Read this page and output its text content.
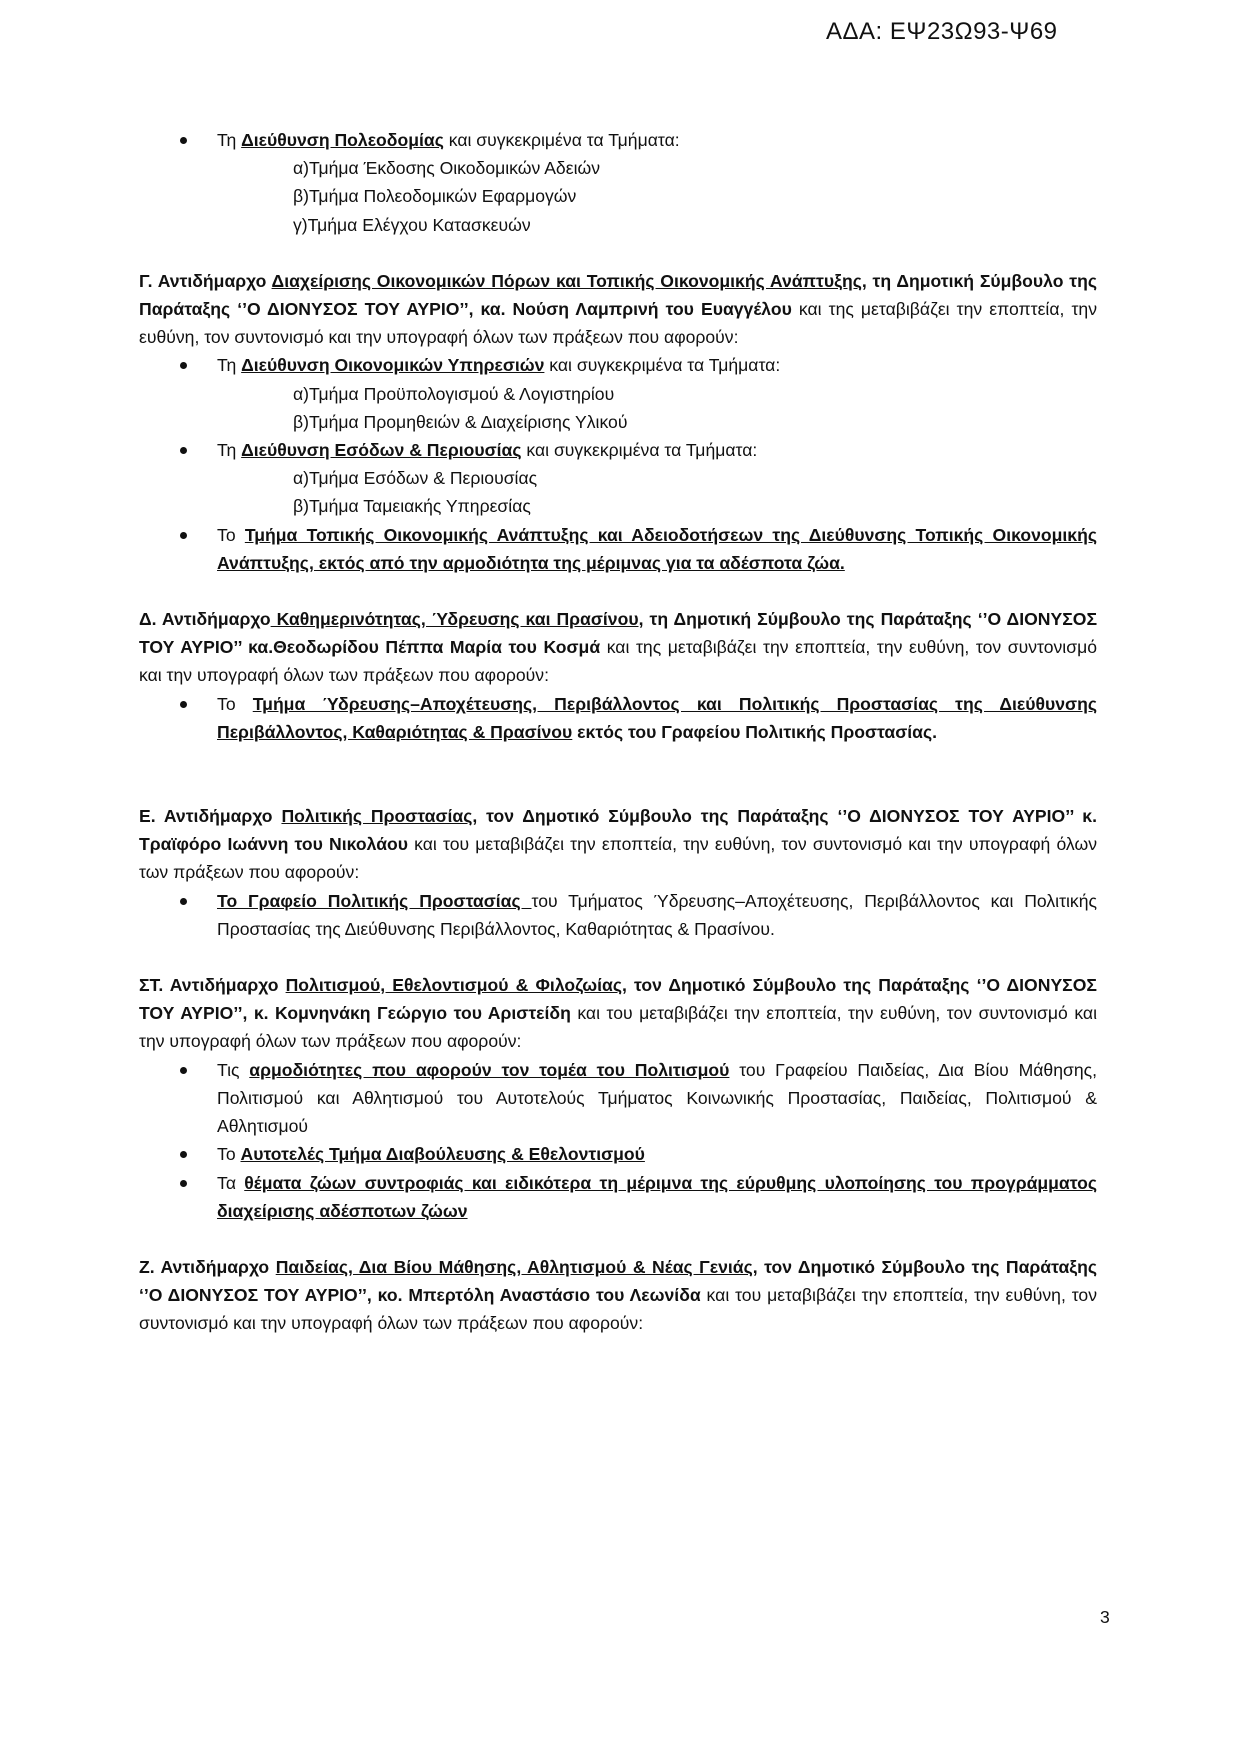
ΑΔΑ: ΕΨ23Ω93-Ψ69
Τη Διεύθυνση Πολεοδομίας και συγκεκριμένα τα Τμήματα:
α)Τμήμα Έκδοσης Οικοδομικών Αδειών
β)Τμήμα Πολεοδομικών Εφαρμογών
γ)Τμήμα Ελέγχου Κατασκευών

Γ. Αντιδήμαρχο Διαχείρισης Οικονομικών Πόρων και Τοπικής Οικονομικής Ανάπτυξης, τη Δημοτική Σύμβουλο της Παράταξης ‘’Ο ΔΙΟΝΥΣΟΣ ΤΟΥ ΑΥΡΙΟ’’, κα. Νούση Λαμπρινή του Ευαγγέλου και της μεταβιβάζει την εποπτεία, την ευθύνη, τον συντονισμό και την υπογραφή όλων των πράξεων που αφορούν:

Τη Διεύθυνση Οικονομικών Υπηρεσιών και συγκεκριμένα τα Τμήματα:
α)Τμήμα Προϋπολογισμού & Λογιστηρίου
β)Τμήμα Προμηθειών & Διαχείρισης Υλικού
Τη Διεύθυνση Εσόδων & Περιουσίας και συγκεκριμένα τα Τμήματα:
α)Τμήμα Εσόδων & Περιουσίας
β)Τμήμα Ταμειακής Υπηρεσίας
Το Τμήμα Τοπικής Οικονομικής Ανάπτυξης και Αδειοδοτήσεων της Διεύθυνσης Τοπικής Οικονομικής Ανάπτυξης, εκτός από την αρμοδιότητα της μέριμνας για τα αδέσποτα ζώα.

Δ. Αντιδήμαρχο Καθημερινότητας, Ύδρευσης και Πρασίνου, τη Δημοτική Σύμβουλο της Παράταξης ‘’Ο ΔΙΟΝΥΣΟΣ ΤΟΥ ΑΥΡΙΟ’’ κα.Θεοδωρίδου Πέππα Μαρία του Κοσμά και της μεταβιβάζει την εποπτεία, την ευθύνη, τον συντονισμό και την υπογραφή όλων των πράξεων που αφορούν:

Το Τμήμα Ύδρευσης–Αποχέτευσης, Περιβάλλοντος και Πολιτικής Προστασίας της Διεύθυνσης Περιβάλλοντος, Καθαριότητας & Πρασίνου εκτός του Γραφείου Πολιτικής Προστασίας.

Ε. Αντιδήμαρχο Πολιτικής Προστασίας, τον Δημοτικό Σύμβουλο της Παράταξης ‘’Ο ΔΙΟΝΥΣΟΣ ΤΟΥ ΑΥΡΙΟ’’ κ. Τραϊφόρο Ιωάννη του Νικολάου και του μεταβιβάζει την εποπτεία, την ευθύνη, τον συντονισμό και την υπογραφή όλων των πράξεων που αφορούν:

Το Γραφείο Πολιτικής Προστασίας του Τμήματος Ύδρευσης–Αποχέτευσης, Περιβάλλοντος και Πολιτικής Προστασίας της Διεύθυνσης Περιβάλλοντος, Καθαριότητας & Πρασίνου.

ΣΤ. Αντιδήμαρχο Πολιτισμού, Εθελοντισμού & Φιλοζωίας, τον Δημοτικό Σύμβουλο της Παράταξης ‘’Ο ΔΙΟΝΥΣΟΣ ΤΟΥ ΑΥΡΙΟ’’, κ. Κομνηνάκη Γεώργιο του Αριστείδη και του μεταβιβάζει την εποπτεία, την ευθύνη, τον συντονισμό και την υπογραφή όλων των πράξεων που αφορούν:

Τις αρμοδιότητες που αφορούν τον τομέα του Πολιτισμού του Γραφείου Παιδείας, Δια Βίου Μάθησης, Πολιτισμού και Αθλητισμού του Αυτοτελούς Τμήματος Κοινωνικής Προστασίας, Παιδείας, Πολιτισμού & Αθλητισμού
Το Αυτοτελές Τμήμα Διαβούλευσης & Εθελοντισμού
Τα θέματα ζώων συντροφιάς και ειδικότερα τη μέριμνα της εύρυθμης υλοποίησης του προγράμματος διαχείρισης αδέσποτων ζώων

Ζ. Αντιδήμαρχο Παιδείας, Δια Βίου Μάθησης, Αθλητισμού & Νέας Γενιάς, τον Δημοτικό Σύμβουλο της Παράταξης ‘’Ο ΔΙΟΝΥΣΟΣ ΤΟΥ ΑΥΡΙΟ’’, κο. Μπερτόλη Αναστάσιο του Λεωνίδα και του μεταβιβάζει την εποπτεία, την ευθύνη, τον συντονισμό και την υπογραφή όλων των πράξεων που αφορούν:

3
